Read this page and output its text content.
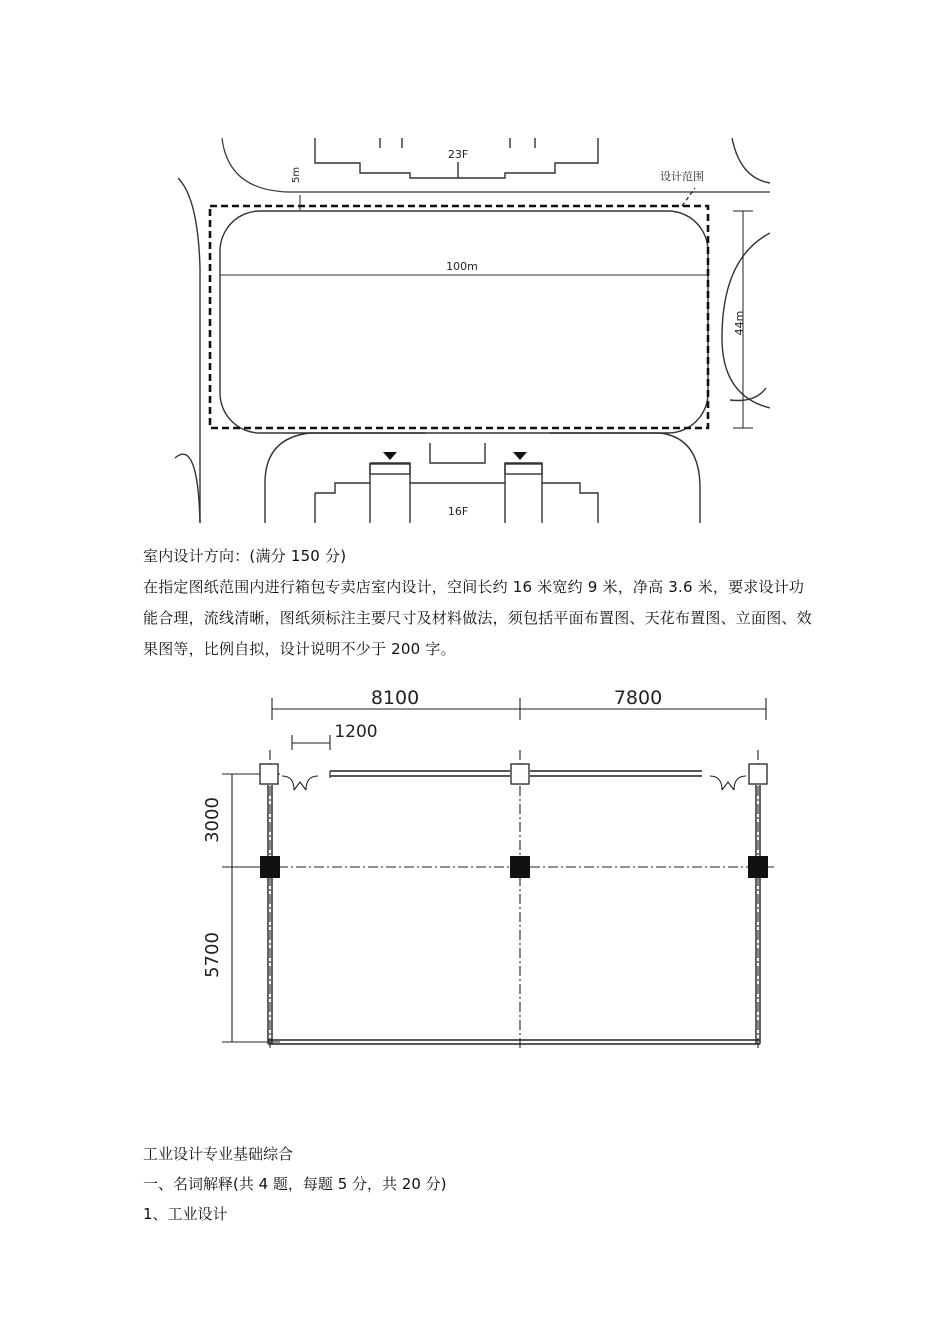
23F
16F
设计范围
5m
100m
44m

室内设计方向：(满分 150 分)

在指定图纸范围内进行箱包专卖店室内设计，空间长约 16 米宽约 9 米，净高 3.6 米，要求设计功能合理，流线清晰，图纸须标注主要尺寸及材料做法，须包括平面布置图、天花布置图、立面图、效果图等，比例自拟，设计说明不少于 200 字。

8100	7800
1200
3000
5700
工业设计专业基础综合
一、名词解释(共 4 题，每题 5 分，共 20 分)
1、工业设计
